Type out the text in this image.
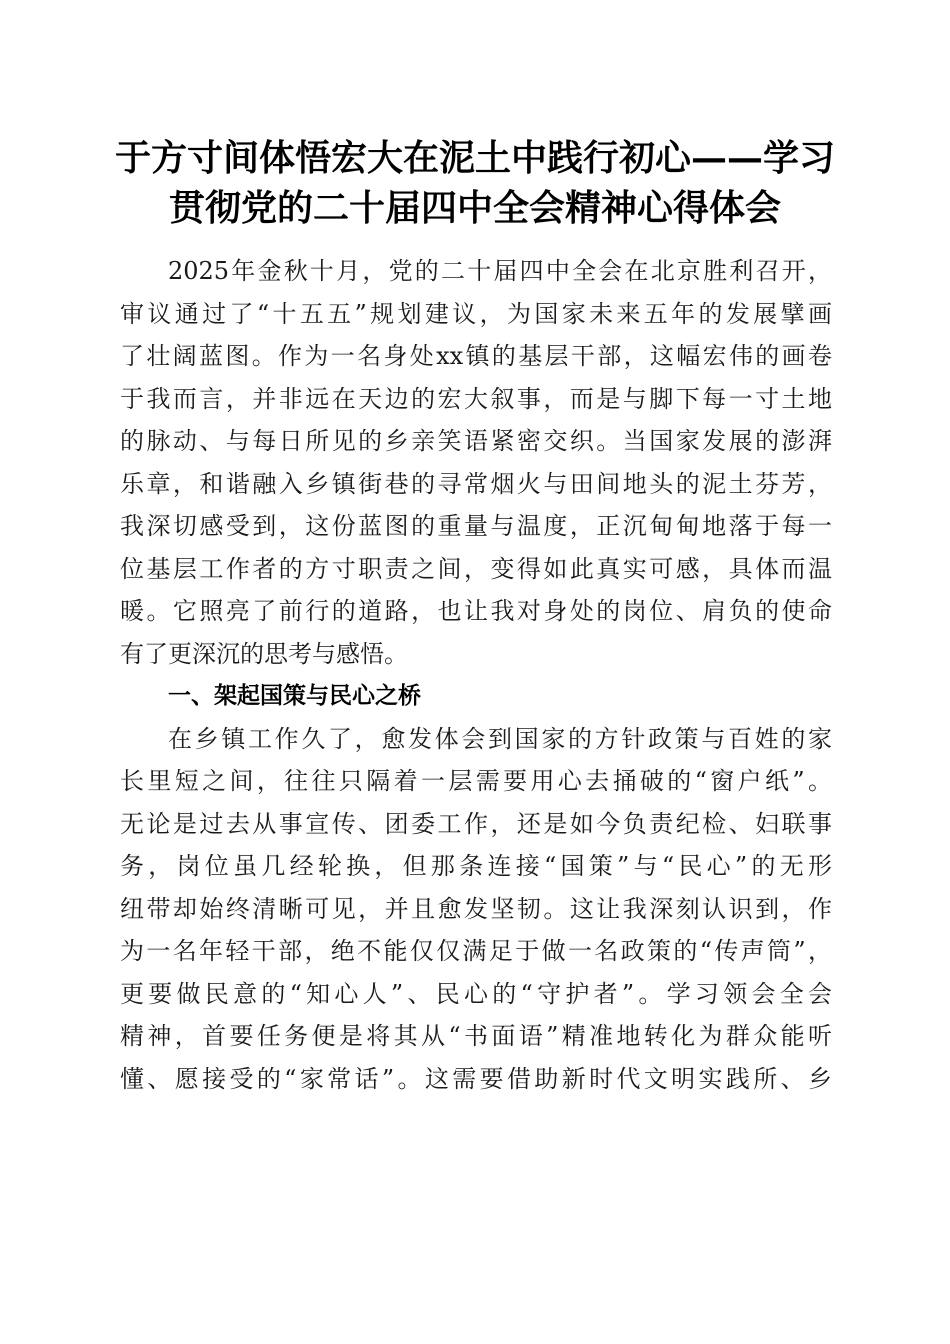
于方寸间体悟宏大在泥土中践行初心——学习
贯彻党的二十届四中全会精神心得体会
2025年金秋十月，党的二十届四中全会在北京胜利召开，
审议通过了“十五五”规划建议，为国家未来五年的发展擘画
了壮阔蓝图。作为一名身处xx镇的基层干部，这幅宏伟的画卷
于我而言，并非远在天边的宏大叙事，而是与脚下每一寸土地
的脉动、与每日所见的乡亲笑语紧密交织。当国家发展的澎湃
乐章，和谐融入乡镇街巷的寻常烟火与田间地头的泥土芬芳，
我深切感受到，这份蓝图的重量与温度，正沉甸甸地落于每一
位基层工作者的方寸职责之间，变得如此真实可感，具体而温
暖。它照亮了前行的道路，也让我对身处的岗位、肩负的使命
有了更深沉的思考与感悟。
一、架起国策与民心之桥
在乡镇工作久了，愈发体会到国家的方针政策与百姓的家
长里短之间，往往只隔着一层需要用心去捅破的“窗户纸”。
无论是过去从事宣传、团委工作，还是如今负责纪检、妇联事
务，岗位虽几经轮换，但那条连接“国策”与“民心”的无形
纽带却始终清晰可见，并且愈发坚韧。这让我深刻认识到，作
为一名年轻干部，绝不能仅仅满足于做一名政策的“传声筒”，
更要做民意的“知心人”、民心的“守护者”。学习领会全会
精神，首要任务便是将其从“书面语”精准地转化为群众能听
懂、愿接受的“家常话”。这需要借助新时代文明实践所、乡
